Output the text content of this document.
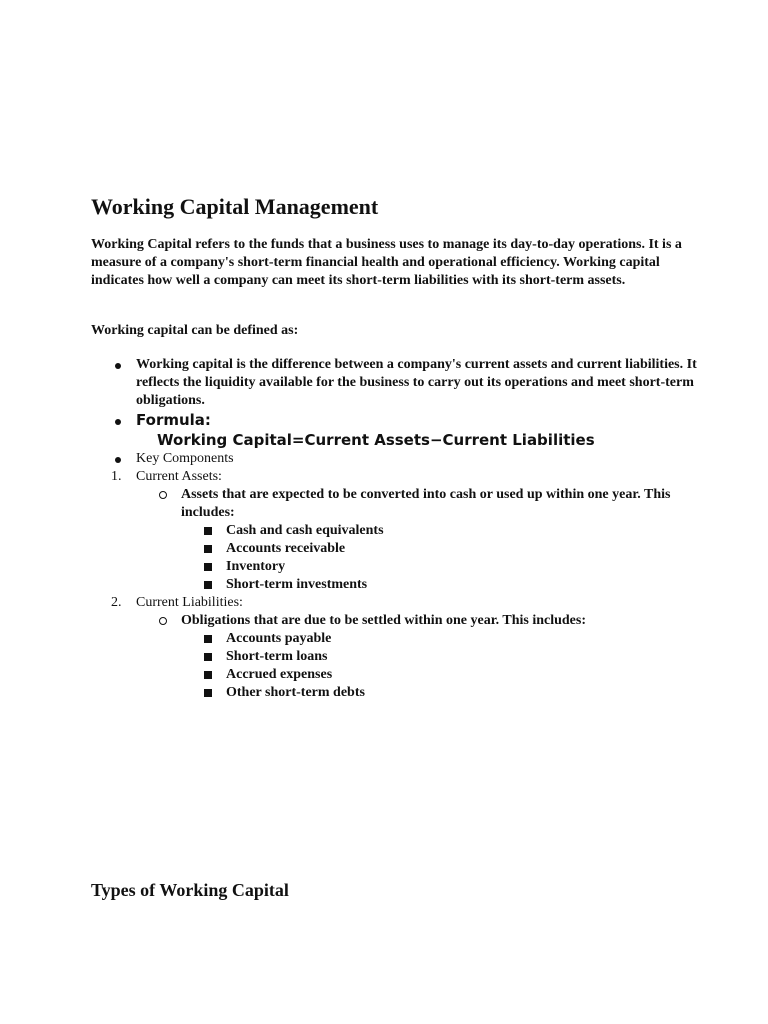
Working Capital Management

Working Capital refers to the funds that a business uses to manage its day-to-day operations. It is a measure of a company's short-term financial health and operational efficiency. Working capital indicates how well a company can meet its short-term liabilities with its short-term assets.

Working capital can be defined as:

Working capital is the difference between a company's current assets and current liabilities. It reflects the liquidity available for the business to carry out its operations and meet short-term obligations.
Formula:
Working Capital=Current Assets−Current Liabilities
Key Components
1. Current Assets:
Assets that are expected to be converted into cash or used up within one year. This includes:
Cash and cash equivalents
Accounts receivable
Inventory
Short-term investments
2. Current Liabilities:
Obligations that are due to be settled within one year. This includes:
Accounts payable
Short-term loans
Accrued expenses
Other short-term debts
Types of Working Capital
